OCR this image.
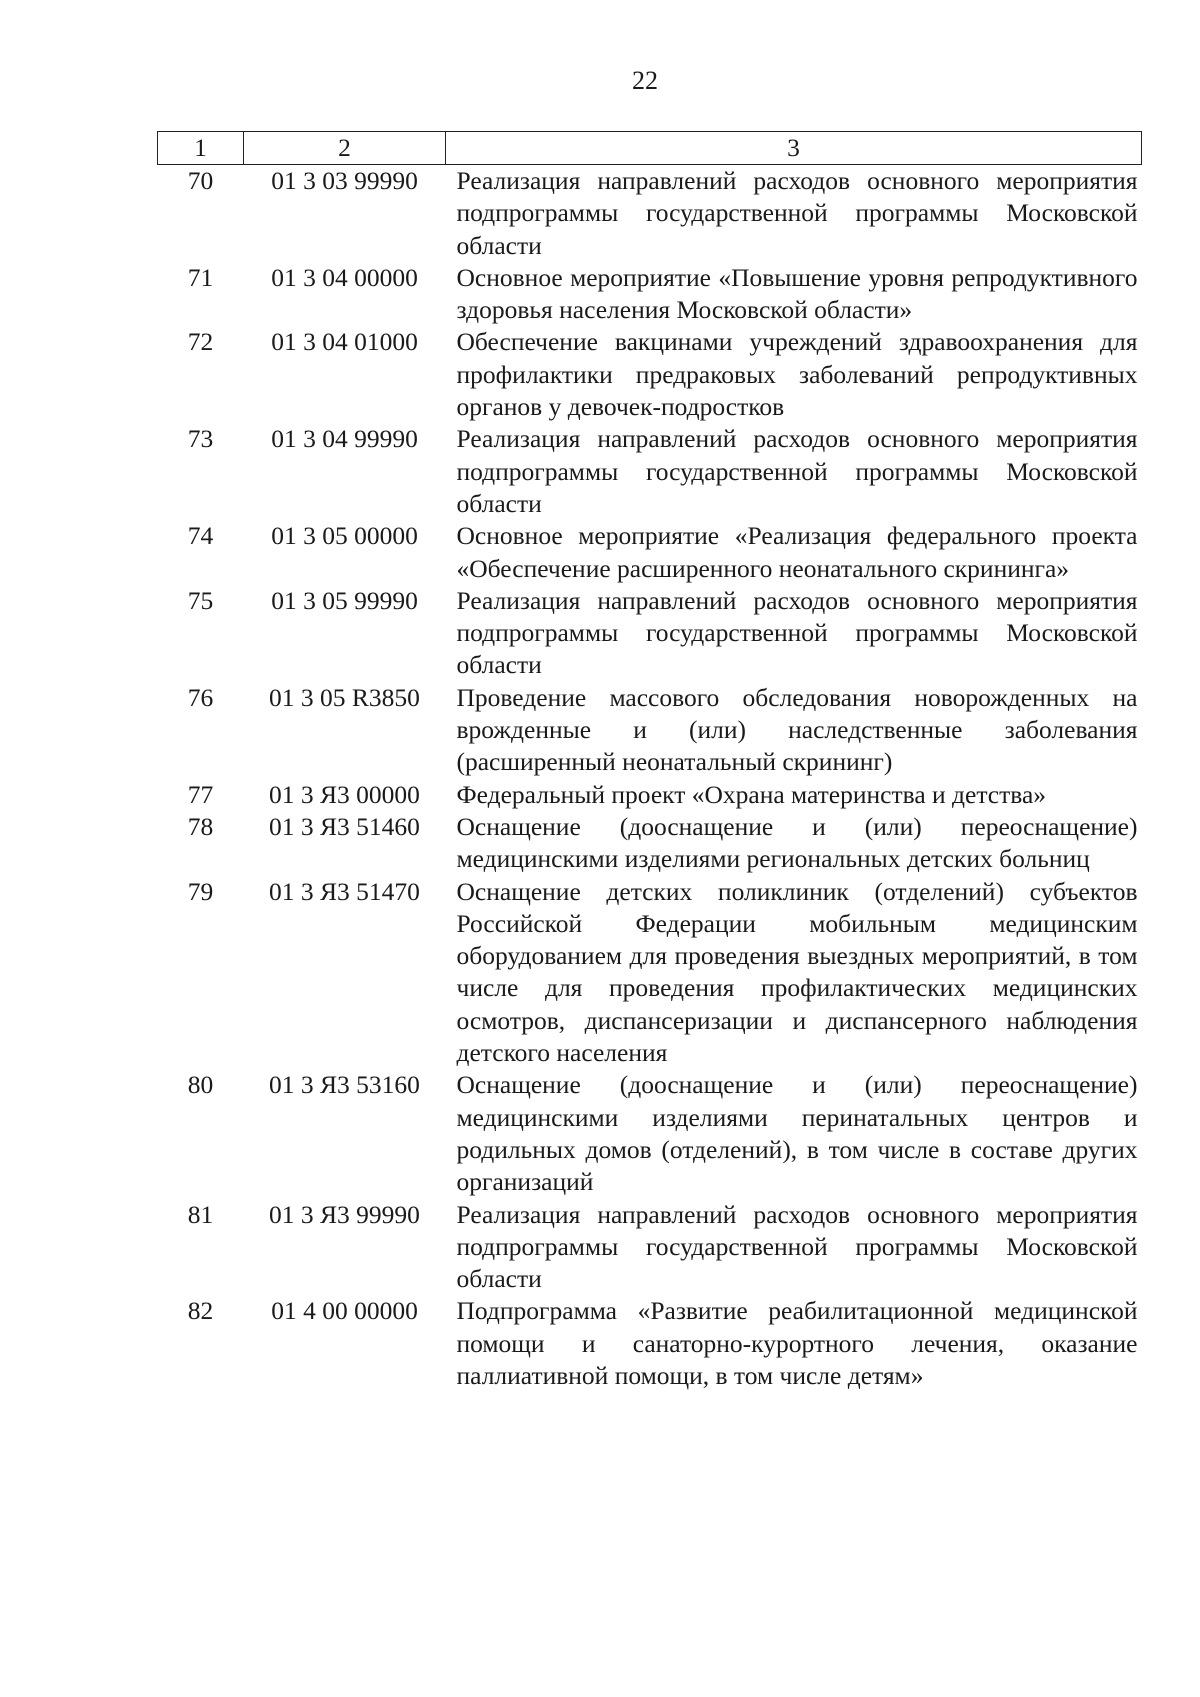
22
1	2	3
70	01 3 03 99990	Реализация направлений расходов основного мероприятия подпрограммы государственной программы Московской области
71	01 3 04 00000	Основное мероприятие «Повышение уровня репродуктивного здоровья населения Московской области»
72	01 3 04 01000	Обеспечение вакцинами учреждений здравоохранения для профилактики предраковых заболеваний репродуктивных органов у девочек-подростков
73	01 3 04 99990	Реализация направлений расходов основного мероприятия подпрограммы государственной программы Московской области
74	01 3 05 00000	Основное мероприятие «Реализация федерального проекта «Обеспечение расширенного неонатального скрининга»
75	01 3 05 99990	Реализация направлений расходов основного мероприятия подпрограммы государственной программы Московской области
76	01 3 05 R3850	Проведение массового обследования новорожденных на врожденные и (или) наследственные заболевания (расширенный неонатальный скрининг)
77	01 3 Я3 00000	Федеральный проект «Охрана материнства и детства»
78	01 3 Я3 51460	Оснащение (дооснащение и (или) переоснащение) медицинскими изделиями региональных детских больниц
79	01 3 Я3 51470	Оснащение детских поликлиник (отделений) субъектов Российской Федерации мобильным медицинским оборудованием для проведения выездных мероприятий, в том числе для проведения профилактических медицинских осмотров, диспансеризации и диспансерного наблюдения детского населения
80	01 3 Я3 53160	Оснащение (дооснащение и (или) переоснащение) медицинскими изделиями перинатальных центров и родильных домов (отделений), в том числе в составе других организаций
81	01 3 Я3 99990	Реализация направлений расходов основного мероприятия подпрограммы государственной программы Московской области
82	01 4 00 00000	Подпрограмма «Развитие реабилитационной медицинской помощи и санаторно-курортного лечения, оказание паллиативной помощи, в том числе детям»
